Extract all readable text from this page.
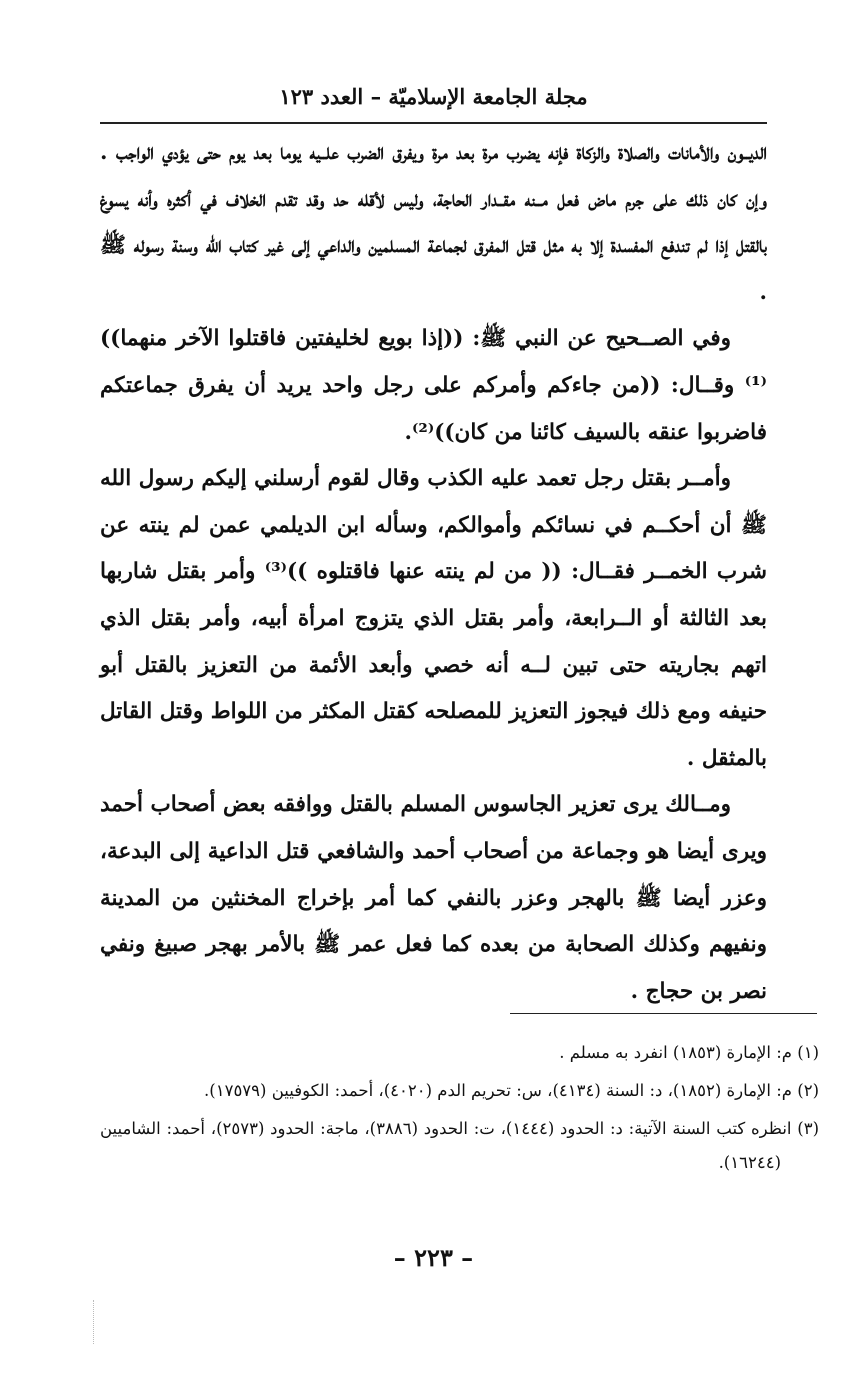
مجلة الجامعة الإسلاميّة – العدد ١٢٣

الديــون والأمانات والصلاة والزكاة فإنه يضرب مرة بعد مرة ويفرق الضرب علــيه يوما بعد يوم حتى يؤدي الواجب . وإن كان ذلك على جرم ماض فعل مــنه مقــدار الحاجة، وليس لأقله حد وقد تقدم الخلاف في أكثره وأنه يسوغ بالقتل إذا لم تندفع المفسدة إلا به مثل قتل المفرق لجماعة المسلمين والداعي إلى غير كتاب الله وسنة رسوله ﷺ .

وفي الصــحيح عن النبي ﷺ: ((إذا بويع لخليفتين فاقتلوا الآخر منهما))⁽¹⁾ وقــال: ((من جاءكم وأمركم على رجل واحد يريد أن يفرق جماعتكم فاضربوا عنقه بالسيف كائنا من كان))⁽²⁾.

وأمــر بقتل رجل تعمد عليه الكذب وقال لقوم أرسلني إليكم رسول الله ﷺ أن أحكــم في نسائكم وأموالكم، وسأله ابن الديلمي عمن لم ينته عن شرب الخمــر فقــال: (( من لم ينته عنها فاقتلوه ))⁽³⁾ وأمر بقتل شاربها بعد الثالثة أو الــرابعة، وأمر بقتل الذي يتزوج امرأة أبيه، وأمر بقتل الذي اتهم بجاريته حتى تبين لــه أنه خصي وأبعد الأئمة من التعزيز بالقتل أبو حنيفه ومع ذلك فيجوز التعزيز للمصلحه كقتل المكثر من اللواط وقتل القاتل بالمثقل .

ومــالك يرى تعزير الجاسوس المسلم بالقتل ووافقه بعض أصحاب أحمد ويرى أيضا هو وجماعة من أصحاب أحمد والشافعي قتل الداعية إلى البدعة، وعزر أيضا ﷺ بالهجر وعزر بالنفي كما أمر بإخراج المخنثين من المدينة ونفيهم وكذلك الصحابة من بعده كما فعل عمر ﷺ بالأمر بهجر صبيغ ونفي نصر بن حجاج .

(١) م: الإمارة (١٨٥٣) انفرد به مسلم .

(٢) م: الإمارة (١٨٥٢)، د: السنة (٤١٣٤)، س: تحريم الدم (٤٠٢٠)، أحمد: الكوفيين (١٧٥٧٩).

(٣) انظره كتب السنة الآتية: د: الحدود (١٤٤٤)، ت: الحدود (٣٨٨٦)، ماجة: الحدود (٢٥٧٣)، أحمد: الشاميين (١٦٢٤٤).

– ٢٢٣ –
